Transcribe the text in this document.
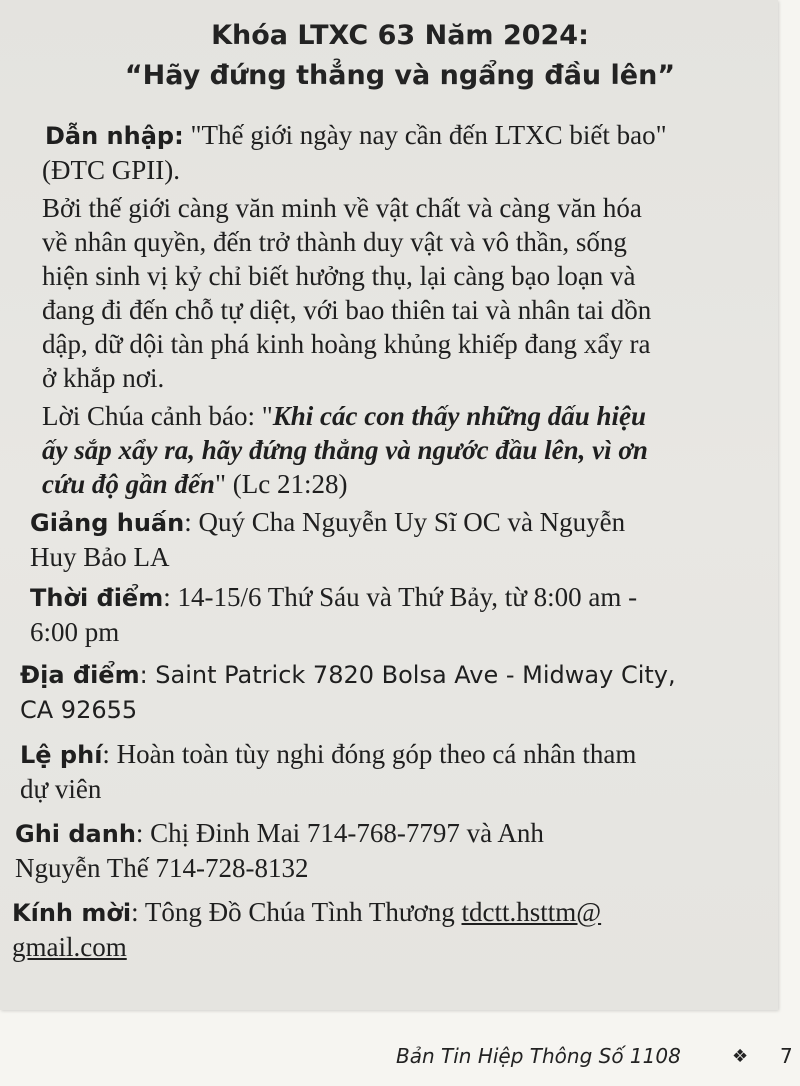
Khóa LTXC 63 Năm 2024:
“Hãy đứng thẳng và ngẩng đầu lên”

Dẫn nhập: "Thế giới ngày nay cần đến LTXC biết bao"

(ĐTC GPII).

Bởi thế giới càng văn minh về vật chất và càng văn hóa

về nhân quyền, đến trở thành duy vật và vô thần, sống

hiện sinh vị kỷ chỉ biết hưởng thụ, lại càng bạo loạn và

đang đi đến chỗ tự diệt, với bao thiên tai và nhân tai dồn

dập, dữ dội tàn phá kinh hoàng khủng khiếp đang xẩy ra

ở khắp nơi.

Lời Chúa cảnh báo: "Khi các con thấy những dấu hiệu

ấy sắp xẩy ra, hãy đứng thẳng và ngước đầu lên, vì ơn

cứu độ gần đến" (Lc 21:28)

Giảng huấn: Quý Cha Nguyễn Uy Sĩ OC và Nguyễn

Huy Bảo LA

Thời điểm: 14-15/6 Thứ Sáu và Thứ Bảy, từ 8:00 am -

6:00 pm

Địa điểm: Saint Patrick 7820 Bolsa Ave - Midway City,

CA 92655

Lệ phí: Hoàn toàn tùy nghi đóng góp theo cá nhân tham

dự viên

Ghi danh: Chị Đinh Mai 714-768-7797 và Anh

Nguyễn Thế 714-728-8132

Kính mời: Tông Đồ Chúa Tình Thương tdctt.hsttm@

gmail.com

Bản Tin Hiệp Thông Số 1108	❖ 7
